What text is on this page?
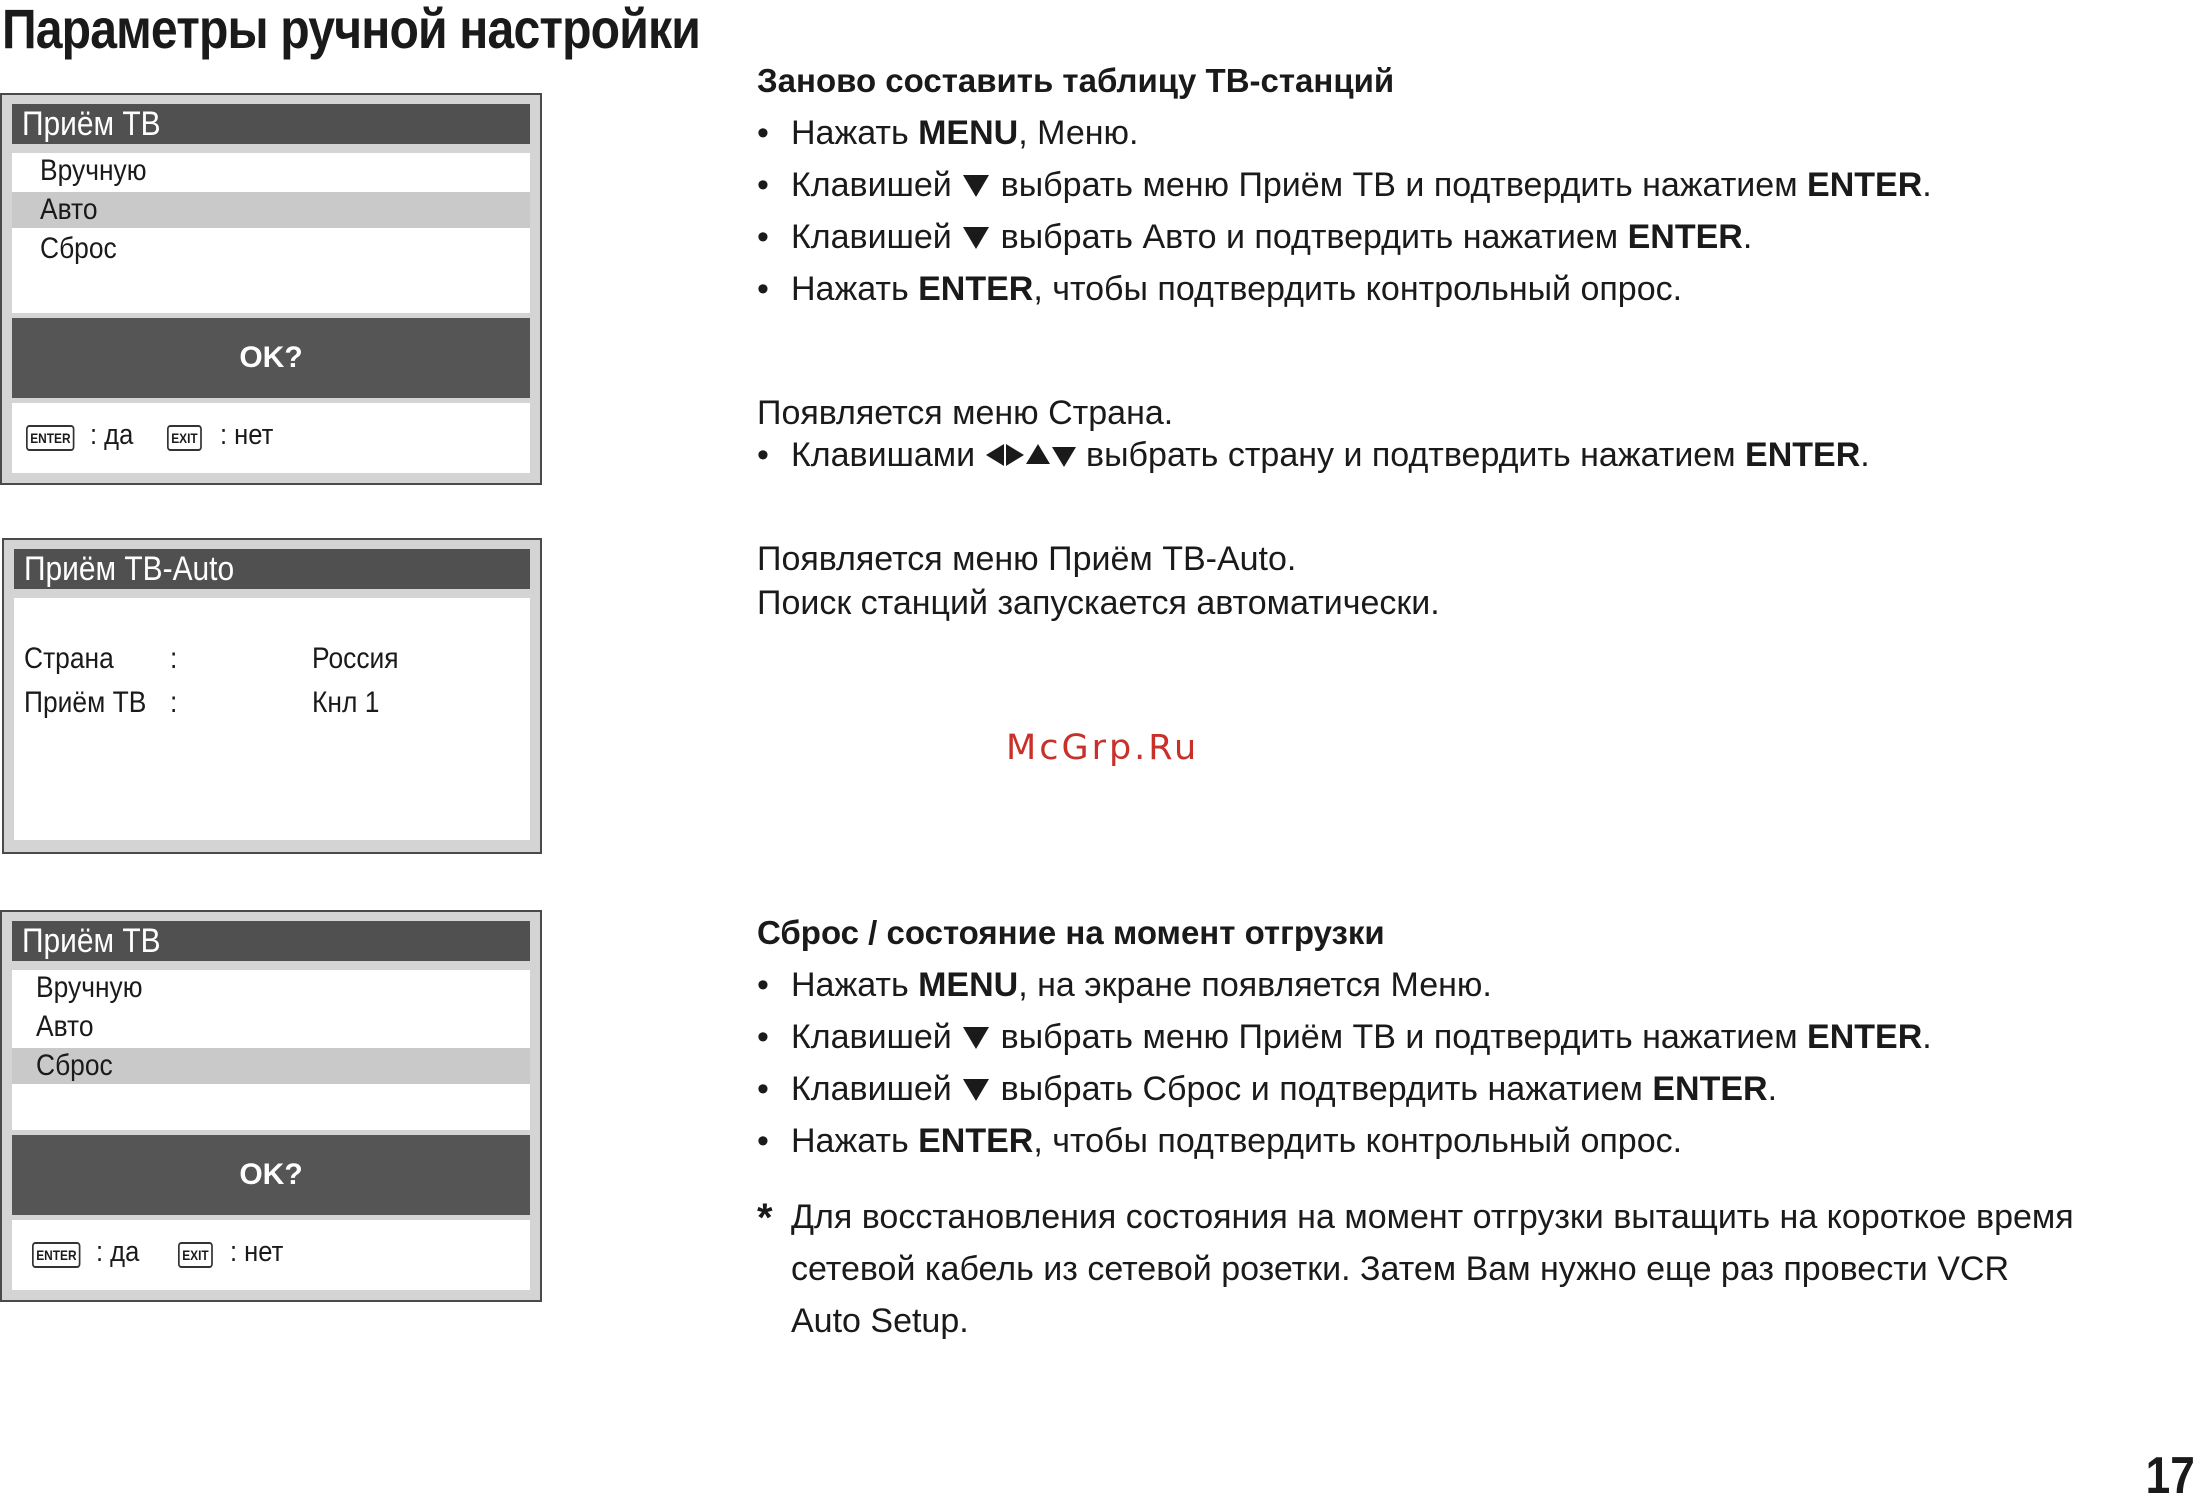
Параметры ручной настройки
Приём ТВ
Вручную
Авто
Сброс
OK?
ENTER : да	EXIT : нет
Приём ТВ-Auto
Страна	:	Россия
Приём ТВ :	Кнл 1
Приём ТВ
Вручную
Авто
Сброс
OK?
ENTER : да	EXIT : нет
Заново составить таблицу ТВ-станций
• Нажать MENU, Меню.
• Клавишей  выбрать меню Приём ТВ и подтвердить нажатием ENTER.
• Клавишей  выбрать Авто и подтвердить нажатием ENTER.
• Нажать ENTER, чтобы подтвердить контрольный опрос.
Появляется меню Страна.
• Клавишами	выбрать страну и подтвердить нажатием ENTER.
Появляется меню Приём ТВ-Auto.
Поиск станций запускается автоматически.
McGrp.Ru
Сброс / состояние на момент отгрузки
• Нажать MENU, на экране появляется Меню.
• Клавишей  выбрать меню Приём ТВ и подтвердить нажатием ENTER.
• Клавишей  выбрать Сброс и подтвердить нажатием ENTER.
• Нажать ENTER, чтобы подтвердить контрольный опрос.
* Для восстановления состояния на момент отгрузки вытащить на короткое время
сетевой кабель из сетевой розетки. Затем Вам нужно еще раз провести VCR
Auto Setup.
17
